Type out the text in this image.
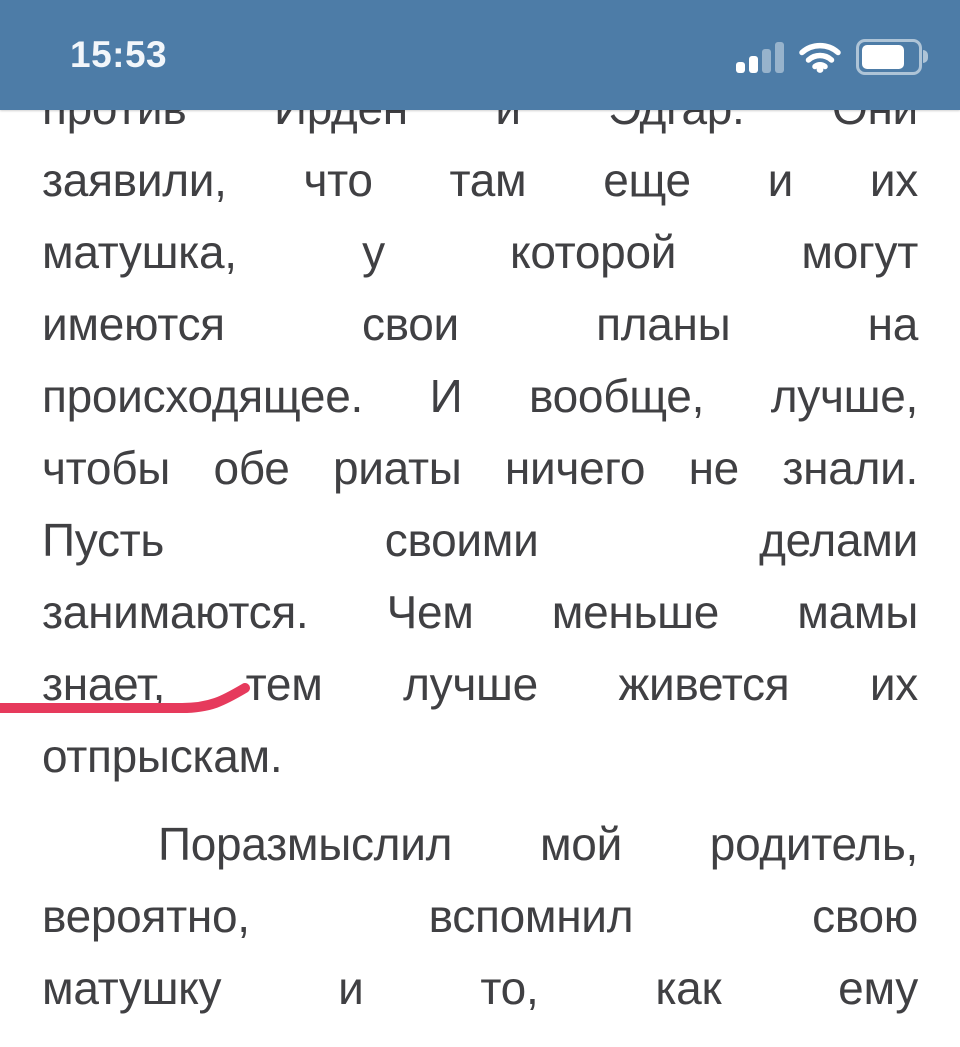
заявили, что там еще и их
матушка,	у	которой	могут
имеются	свои	планы	на
происходящее. И вообще, лучше,
чтобы обе риаты ничего не знали.
Пусть	своими	делами
занимаются. Чем меньше мамы
знает, тем лучше живется их
отпрыскам.
Поразмыслил мой родитель,
вероятно,	вспомнил	свою
матушку	и	то,	как	ему
15:53
